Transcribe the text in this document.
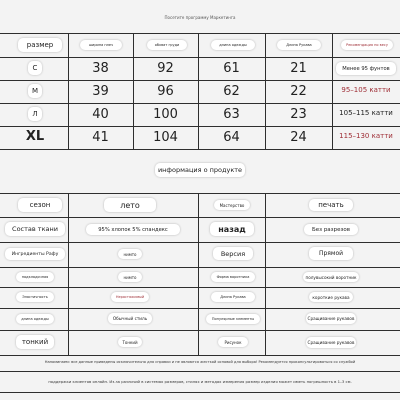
Посетите программу Маркетинга
размер	ширина плеч	обхват груди	длина одежды	Длина Рукава	Рекомендация по весу
С	38	92	61	21	Менее 95 фунтов
М	39	96	62	22	95–105 катти
Л	40	100	63	23	105–115 катти
XL	41	104	64	24	115–130 катти
информация о продукте
сезон	лето	Мастерство	печать
Состав ткани	95% хлопок 5% спандекс	назад	Без разрезов
Ингредиенты Рафу	нимто	Версия	Прямой
подкладочная	нимто	Форма воротника	полувысокий воротник
Эластичность	Нерастяжимый	Длина Рукава	короткие рукава
длина одежды	Обычный стиль	Популярные элементы	Сращивание рукавов
тонкий	Тонкий	Рисунок	Сращивание рукавов
Напоминаем: все данные приведены исключительно для справки и не являются жесткой основой для выбора! Рекомендуется проконсультироваться со службой
поддержки клиентов онлайн. Из-за различий в системах размеров, стилях и методах измерения размер изделия может иметь погрешность в 1–3 см.
